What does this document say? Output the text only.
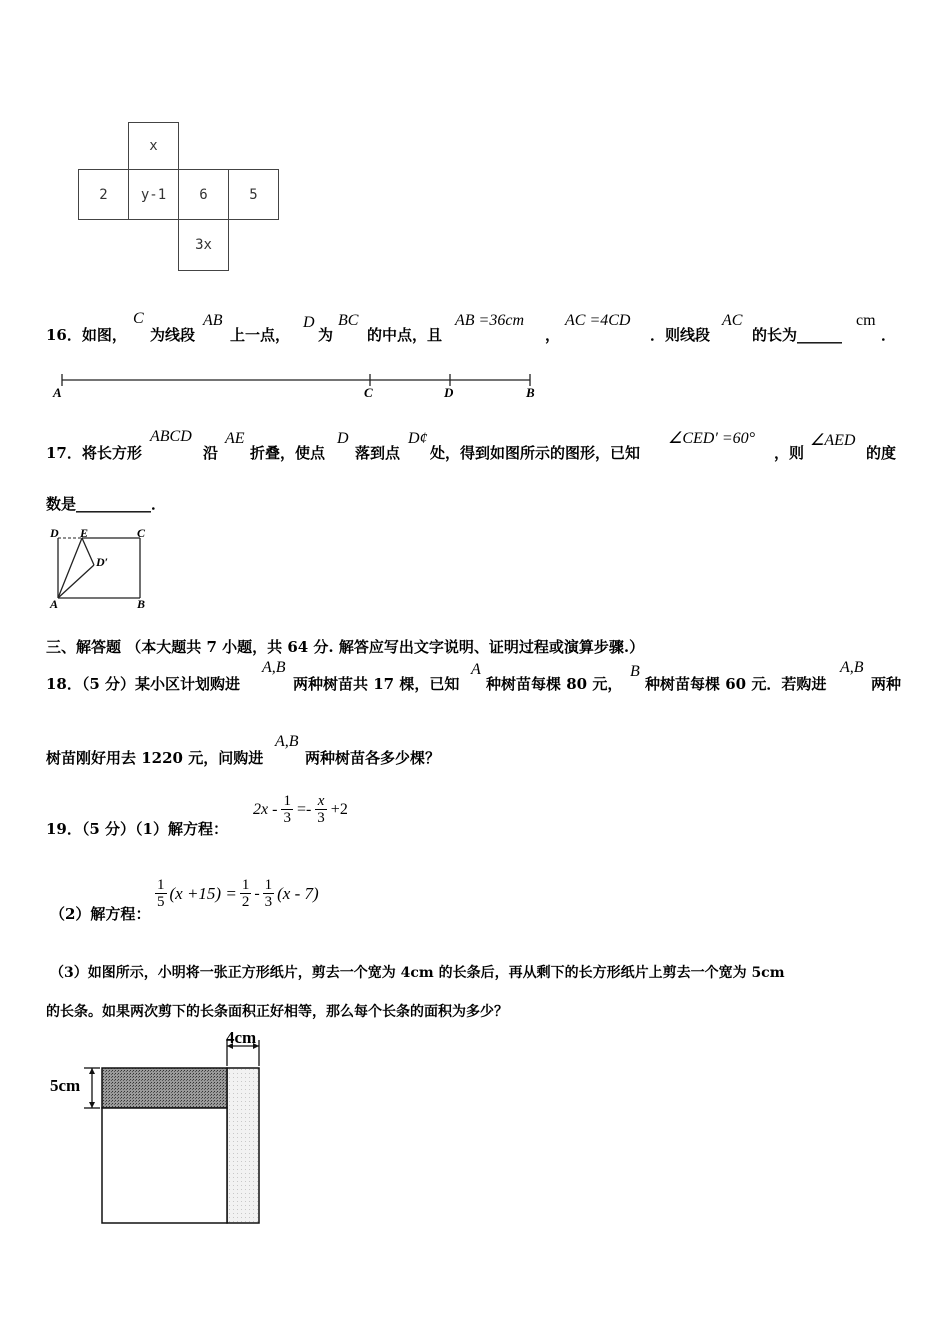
x
2	y-1	6	5
3x
16．如图，
C
为线段
AB
上一点，
D
为
BC
的中点，且
AB =36cm
，
AC =4CD
．则线段
AC
的长为______
cm
．
A	C	D	B
17．将长方形
ABCD
沿
AE
折叠，使点
D
落到点
D¢
处，得到如图所示的图形，已知
∠CED′ =60°
，则
∠AED
的度
数是__________．
D E	C
D′
A	B
三、解答题 （本大题共 7 小题，共 64 分. 解答应写出文字说明、证明过程或演算步骤.）
18．（5 分）某小区计划购进
A,B
两种树苗共 17 棵，已知
A
种树苗每棵 80 元，
B
种树苗每棵 60 元．若购进
A,B
两种
树苗刚好用去 1220 元，问购进
A,B
两种树苗各多少棵？
19．（5 分）（1）解方程：
$2x - \frac{1}{3} =- \frac{x}{3} +2$
（2）解方程：
$\frac{1}{5} (x +15) = \frac{1}{2} - \frac{1}{3} (x - 7)$
（3）如图所示，小明将一张正方形纸片，剪去一个宽为 4cm 的长条后，再从剩下的长方形纸片上剪去一个宽为 5cm
的长条。如果两次剪下的长条面积正好相等，那么每个长条的面积为多少？
4cm
5cm
